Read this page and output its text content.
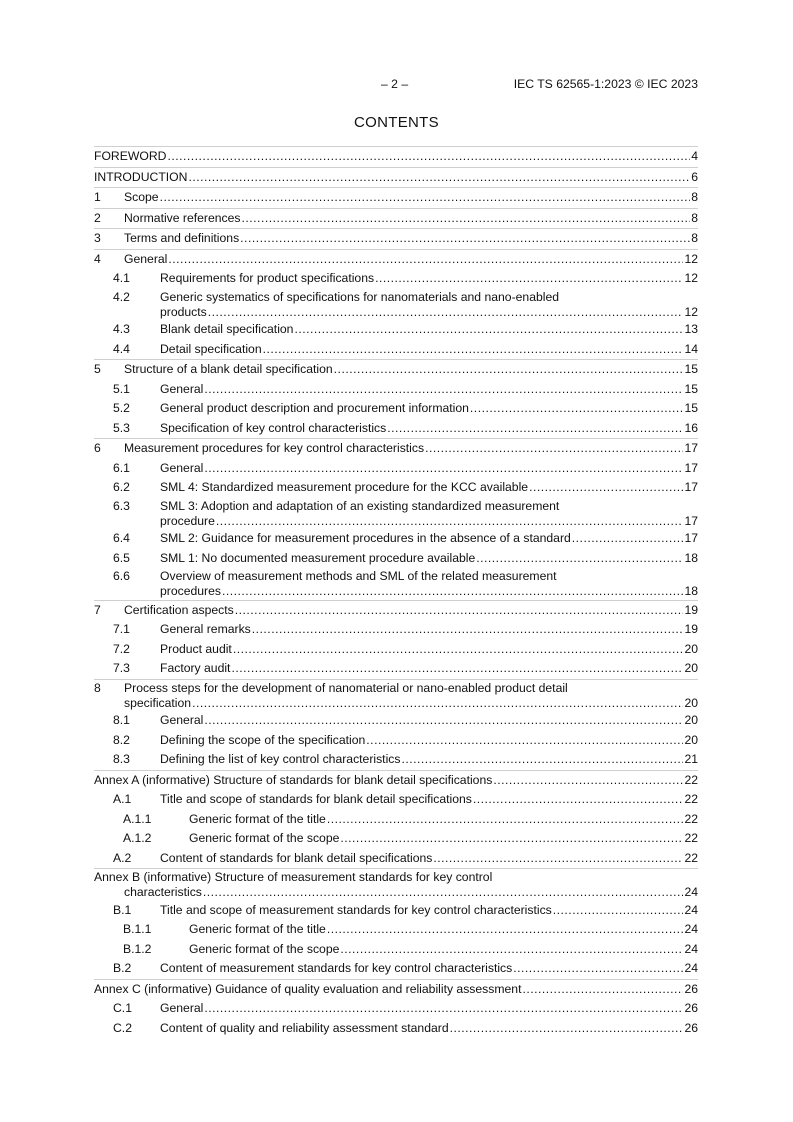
– 2 –	IEC TS 62565-1:2023 © IEC 2023
CONTENTS
FOREWORD .....	4
INTRODUCTION .....	6
1	Scope .....	8
2	Normative references .....	8
3	Terms and definitions .....	8
4	General .....	12
4.1	Requirements for product specifications .....	12
4.2	Generic systematics of specifications for nanomaterials and nano-enabled
products .....	12
4.3	Blank detail specification .....	13
4.4	Detail specification .....	14
5	Structure of a blank detail specification .....	15
5.1	General .....	15
5.2	General product description and procurement information .....	15
5.3	Specification of key control characteristics .....	16
6	Measurement procedures for key control characteristics .....	17
6.1	General .....	17
6.2	SML 4: Standardized measurement procedure for the KCC available .....	17
6.3	SML 3: Adoption and adaptation of an existing standardized measurement
procedure .....	17
6.4	SML 2: Guidance for measurement procedures in the absence of a standard .....	17
6.5	SML 1: No documented measurement procedure available .....	18
6.6	Overview of measurement methods and SML of the related measurement
procedures .....	18
7	Certification aspects .....	19
7.1	General remarks .....	19
7.2	Product audit .....	20
7.3	Factory audit .....	20
8	Process steps for the development of nanomaterial or nano-enabled product detail
specification .....	20
8.1	General .....	20
8.2	Defining the scope of the specification .....	20
8.3	Defining the list of key control characteristics .....	21
Annex A (informative) Structure of standards for blank detail specifications .....	22
A.1	Title and scope of standards for blank detail specifications .....	22
A.1.1	Generic format of the title .....	22
A.1.2	Generic format of the scope .....	22
A.2	Content of standards for blank detail specifications .....	22
Annex B (informative) Structure of measurement standards for key control
characteristics .....	24
B.1	Title and scope of measurement standards for key control characteristics .....	24
B.1.1	Generic format of the title .....	24
B.1.2	Generic format of the scope .....	24
B.2	Content of measurement standards for key control characteristics .....	24
Annex C (informative) Guidance of quality evaluation and reliability assessment .....	26
C.1	General .....	26
C.2	Content of quality and reliability assessment standard .....	26
